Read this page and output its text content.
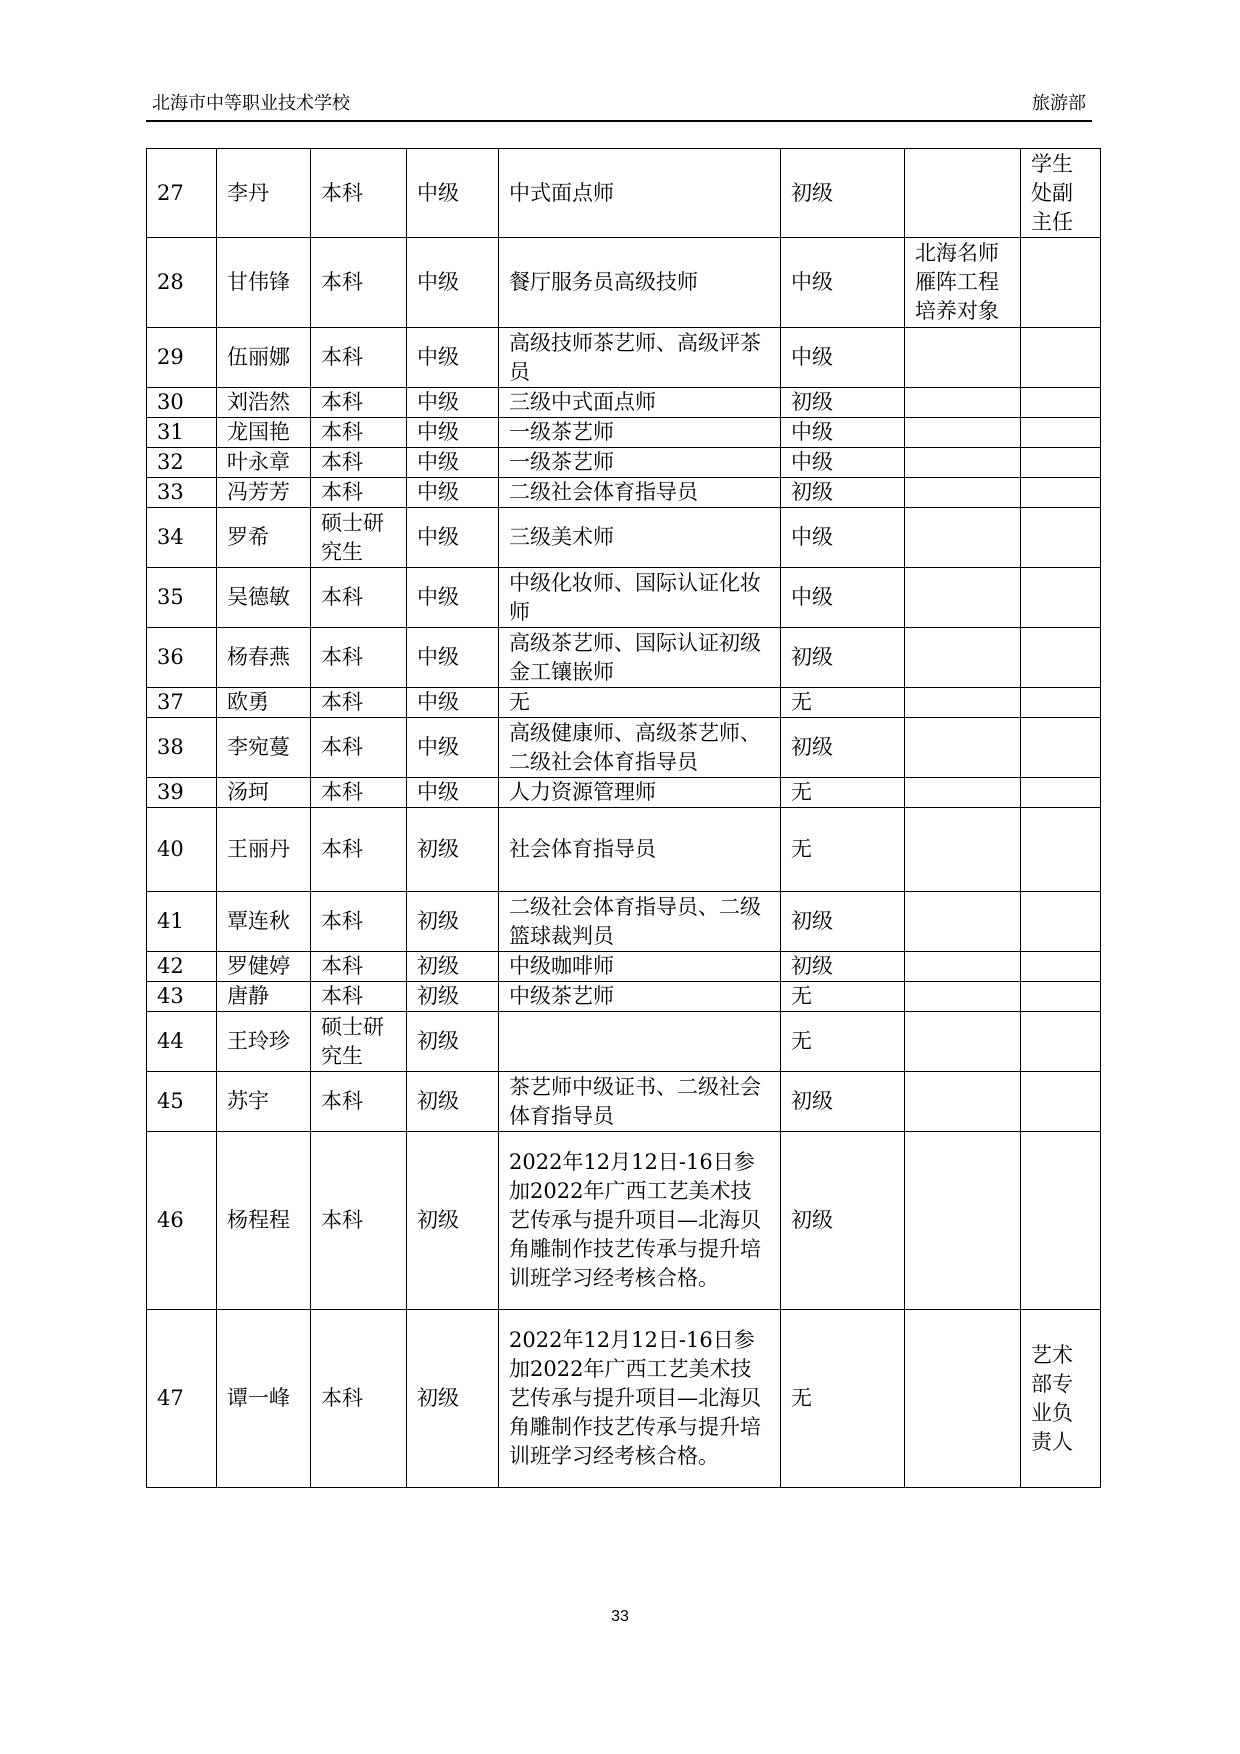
北海市中等职业技术学校	旅游部
27	李丹	本科	中级	中式面点师	初级		学生处副主任
28	甘伟锋	本科	中级	餐厅服务员高级技师	中级	北海名师雁阵工程培养对象	
29	伍丽娜	本科	中级	高级技师茶艺师、高级评茶员	中级		
30	刘浩然	本科	中级	三级中式面点师	初级		
31	龙国艳	本科	中级	一级茶艺师	中级		
32	叶永章	本科	中级	一级茶艺师	中级		
33	冯芳芳	本科	中级	二级社会体育指导员	初级		
34	罗希	硕士研究生	中级	三级美术师	中级		
35	吴德敏	本科	中级	中级化妆师、国际认证化妆师	中级		
36	杨春燕	本科	中级	高级茶艺师、国际认证初级金工镶嵌师	初级		
37	欧勇	本科	中级	无	无		
38	李宛蔓	本科	中级	高级健康师、高级茶艺师、二级社会体育指导员	初级		
39	汤珂	本科	中级	人力资源管理师	无		
40	王丽丹	本科	初级	社会体育指导员	无		
41	覃连秋	本科	初级	二级社会体育指导员、二级篮球裁判员	初级		
42	罗健婷	本科	初级	中级咖啡师	初级		
43	唐静	本科	初级	中级茶艺师	无		
44	王玲珍	硕士研究生	初级		无		
45	苏宇	本科	初级	茶艺师中级证书、二级社会体育指导员	初级		
46	杨程程	本科	初级	2022年12月12日-16日参加2022年广西工艺美术技艺传承与提升项目—北海贝角雕制作技艺传承与提升培训班学习经考核合格。	初级		
47	谭一峰	本科	初级	2022年12月12日-16日参加2022年广西工艺美术技艺传承与提升项目—北海贝角雕制作技艺传承与提升培训班学习经考核合格。	无		艺术部专业负责人
33
